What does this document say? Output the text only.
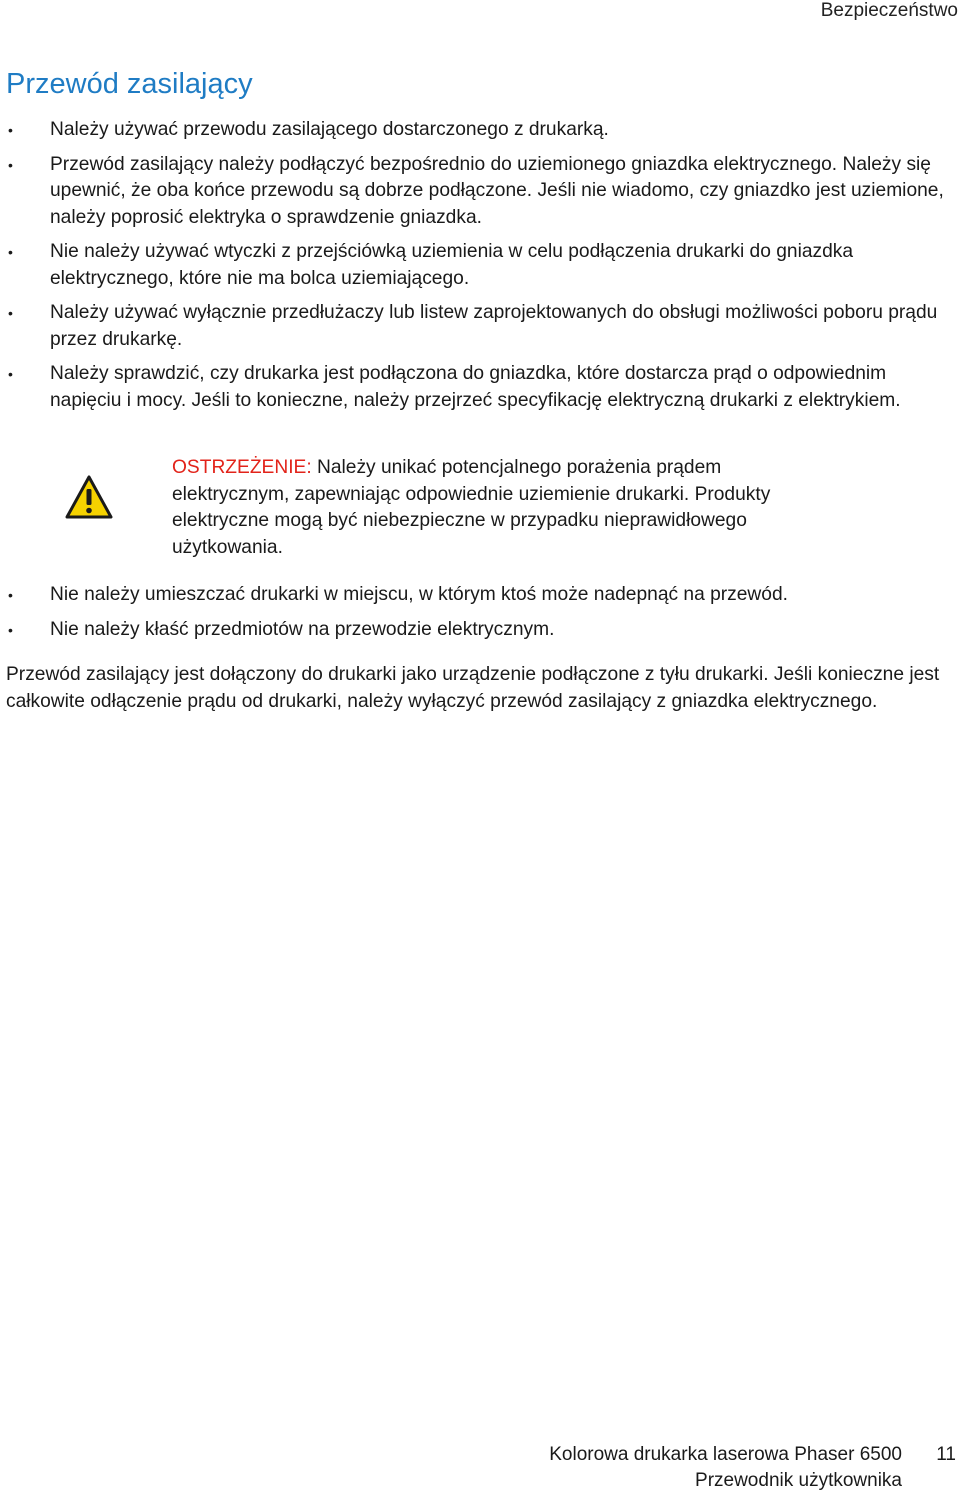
Bezpieczeństwo
Przewód zasilający
• Należy używać przewodu zasilającego dostarczonego z drukarką.
• Przewód zasilający należy podłączyć bezpośrednio do uziemionego gniazdka elektrycznego. Należy się upewnić, że oba końce przewodu są dobrze podłączone. Jeśli nie wiadomo, czy gniazdko jest uziemione, należy poprosić elektryka o sprawdzenie gniazdka.
• Nie należy używać wtyczki z przejściówką uziemienia w celu podłączenia drukarki do gniazdka elektrycznego, które nie ma bolca uziemiającego.
• Należy używać wyłącznie przedłużaczy lub listew zaprojektowanych do obsługi możliwości poboru prądu przez drukarkę.
• Należy sprawdzić, czy drukarka jest podłączona do gniazdka, które dostarcza prąd o odpowiednim napięciu i mocy. Jeśli to konieczne, należy przejrzeć specyfikację elektryczną drukarki z elektrykiem.
OSTRZEŻENIE: Należy unikać potencjalnego porażenia prądem elektrycznym, zapewniając odpowiednie uziemienie drukarki. Produkty elektryczne mogą być niebezpieczne w przypadku nieprawidłowego użytkowania.
• Nie należy umieszczać drukarki w miejscu, w którym ktoś może nadepnąć na przewód.
• Nie należy kłaść przedmiotów na przewodzie elektrycznym.

Przewód zasilający jest dołączony do drukarki jako urządzenie podłączone z tyłu drukarki. Jeśli konieczne jest całkowite odłączenie prądu od drukarki, należy wyłączyć przewód zasilający z gniazdka elektrycznego.

Kolorowa drukarka laserowa Phaser 6500
Przewodnik użytkownika
11
